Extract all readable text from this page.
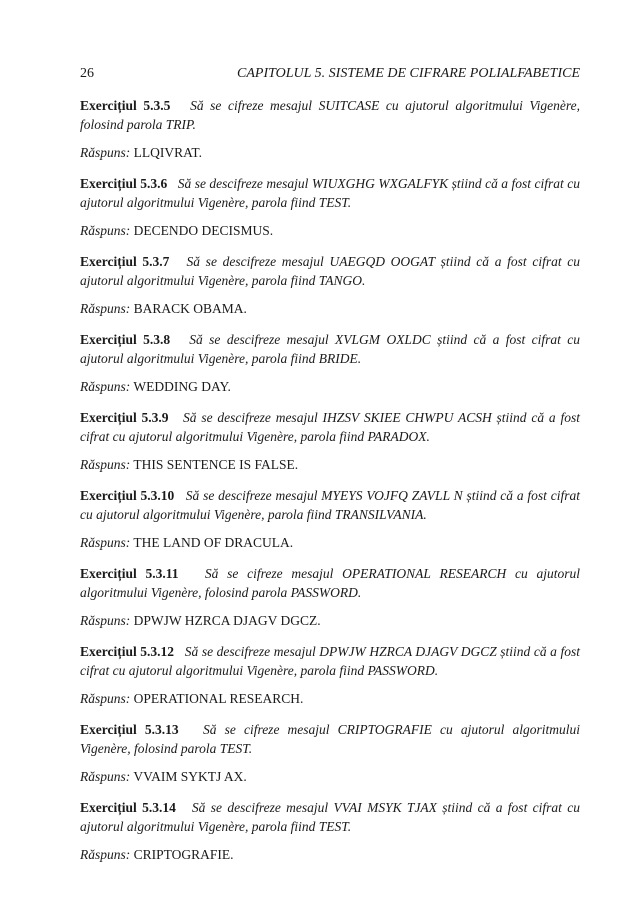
26	CAPITOLUL 5. SISTEME DE CIFRARE POLIALFABETICE

Exercițiul 5.3.5 Să se cifreze mesajul SUITCASE cu ajutorul algoritmului Vigenère, folosind parola TRIP.

Răspuns: LLQIVRAT.

Exercițiul 5.3.6 Să se descifreze mesajul WIUXGHG WXGALFYK știind că a fost cifrat cu ajutorul algoritmului Vigenère, parola fiind TEST.

Răspuns: DECENDO DECISMUS.

Exercițiul 5.3.7 Să se descifreze mesajul UAEGQD OOGAT știind că a fost cifrat cu ajutorul algoritmului Vigenère, parola fiind TANGO.

Răspuns: BARACK OBAMA.

Exercițiul 5.3.8 Să se descifreze mesajul XVLGM OXLDC știind că a fost cifrat cu ajutorul algoritmului Vigenère, parola fiind BRIDE.

Răspuns: WEDDING DAY.

Exercițiul 5.3.9 Să se descifreze mesajul IHZSV SKIEE CHWPU ACSH știind că a fost cifrat cu ajutorul algoritmului Vigenère, parola fiind PARADOX.

Răspuns: THIS SENTENCE IS FALSE.

Exercițiul 5.3.10 Să se descifreze mesajul MYEYS VOJFQ ZAVLL N știind că a fost cifrat cu ajutorul algoritmului Vigenère, parola fiind TRANSILVANIA.

Răspuns: THE LAND OF DRACULA.

Exercițiul 5.3.11 Să se cifreze mesajul OPERATIONAL RESEARCH cu ajutorul algoritmului Vigenère, folosind parola PASSWORD.

Răspuns: DPWJW HZRCA DJAGV DGCZ.

Exercițiul 5.3.12 Să se descifreze mesajul DPWJW HZRCA DJAGV DGCZ știind că a fost cifrat cu ajutorul algoritmului Vigenère, parola fiind PASSWORD.

Răspuns: OPERATIONAL RESEARCH.

Exercițiul 5.3.13 Să se cifreze mesajul CRIPTOGRAFIE cu ajutorul algoritmului Vigenère, folosind parola TEST.

Răspuns: VVAIM SYKTJ AX.

Exercițiul 5.3.14 Să se descifreze mesajul VVAI MSYK TJAX știind că a fost cifrat cu ajutorul algoritmului Vigenère, parola fiind TEST.

Răspuns: CRIPTOGRAFIE.
